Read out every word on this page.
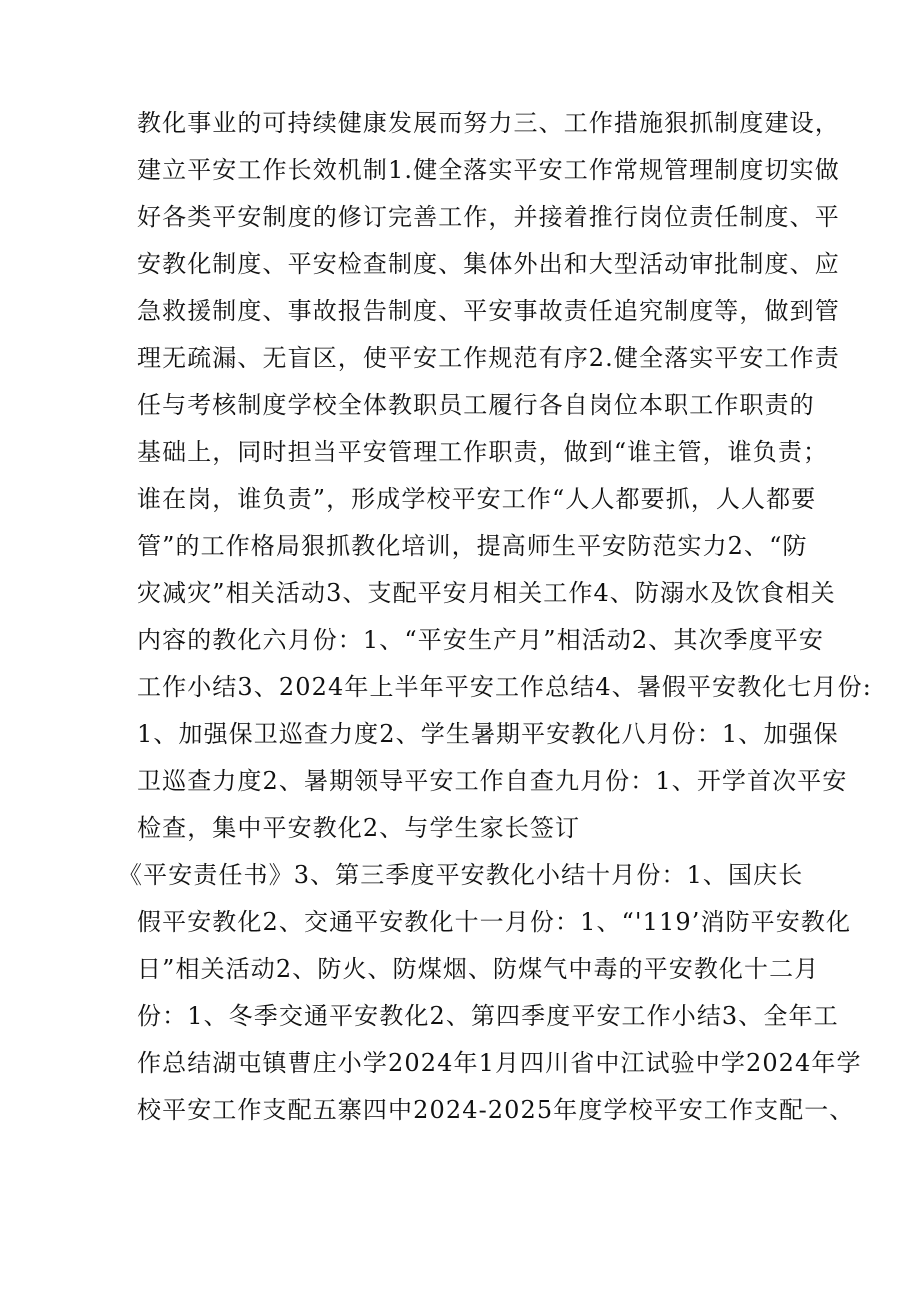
教化事业的可持续健康发展而努力三、工作措施狠抓制度建设，
建立平安工作长效机制1.健全落实平安工作常规管理制度切实做
好各类平安制度的修订完善工作，并接着推行岗位责任制度、平
安教化制度、平安检查制度、集体外出和大型活动审批制度、应
急救援制度、事故报告制度、平安事故责任追究制度等，做到管
理无疏漏、无盲区，使平安工作规范有序2.健全落实平安工作责
任与考核制度学校全体教职员工履行各自岗位本职工作职责的
基础上，同时担当平安管理工作职责，做到“谁主管，谁负责；
谁在岗，谁负责”，形成学校平安工作“人人都要抓，人人都要
管”的工作格局狠抓教化培训，提高师生平安防范实力2、“防
灾减灾”相关活动3、支配平安月相关工作4、防溺水及饮食相关
内容的教化六月份：1、“平安生产月”相活动2、其次季度平安
工作小结3、2024年上半年平安工作总结4、暑假平安教化七月份:
1、加强保卫巡查力度2、学生暑期平安教化八月份：1、加强保
卫巡查力度2、暑期领导平安工作自查九月份：1、开学首次平安
检查，集中平安教化2、与学生家长签订
《平安责任书》3、第三季度平安教化小结十月份：1、国庆长
假平安教化2、交通平安教化十一月份：1、“'119’消防平安教化
日”相关活动2、防火、防煤烟、防煤气中毒的平安教化十二月
份：1、冬季交通平安教化2、第四季度平安工作小结3、全年工
作总结湖屯镇曹庄小学2024年1月四川省中江试验中学2024年学
校平安工作支配五寨四中2024-2025年度学校平安工作支配一、
